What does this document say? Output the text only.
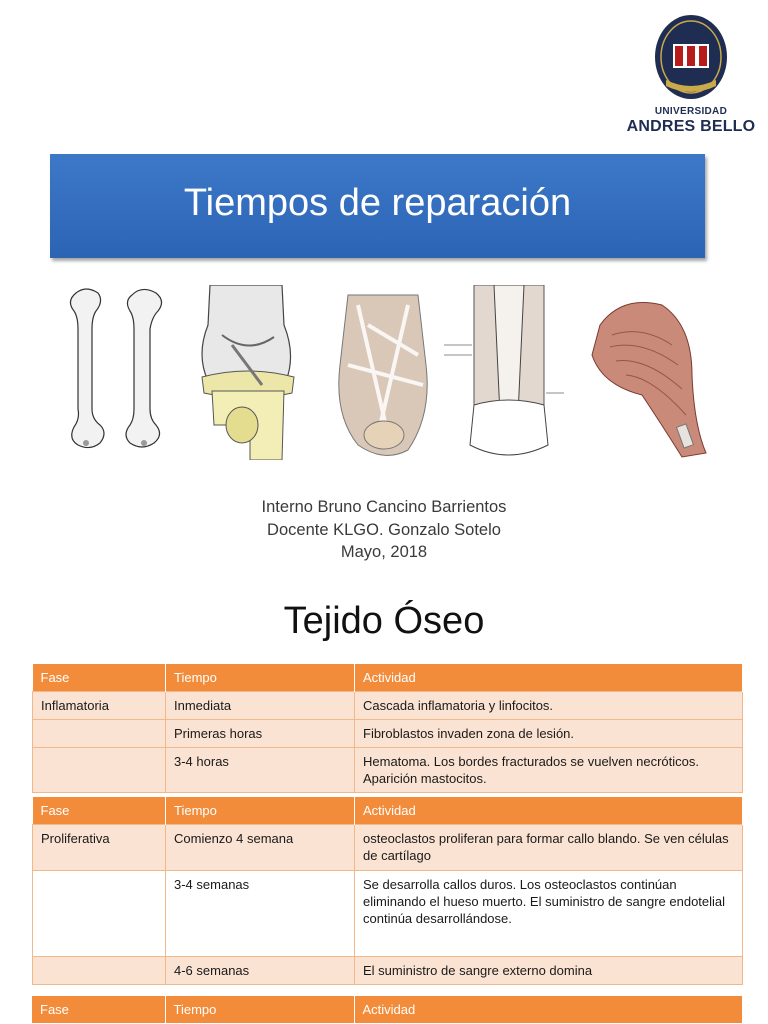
UNIVERSIDAD
ANDRES BELLO
Tiempos de reparación
Interno Bruno Cancino Barrientos
Docente KLGO. Gonzalo Sotelo
Mayo, 2018
Tejido Óseo
Fase	Tiempo	Actividad
Inflamatoria	Inmediata	Cascada inflamatoria y linfocitos.
	Primeras horas	Fibroblastos invaden zona de lesión.
	3-4 horas	Hematoma. Los bordes fracturados se vuelven necróticos. Aparición mastocitos.
Fase	Tiempo	Actividad
Proliferativa	Comienzo 4 semana	osteoclastos proliferan para formar callo blando. Se ven células de cartílago
	3-4 semanas	Se desarrolla callos duros. Los osteoclastos continúan eliminando el hueso muerto. El suministro de sangre endotelial continúa desarrollándose.
	4-6 semanas	El suministro de sangre externo domina
Fase	Tiempo	Actividad
